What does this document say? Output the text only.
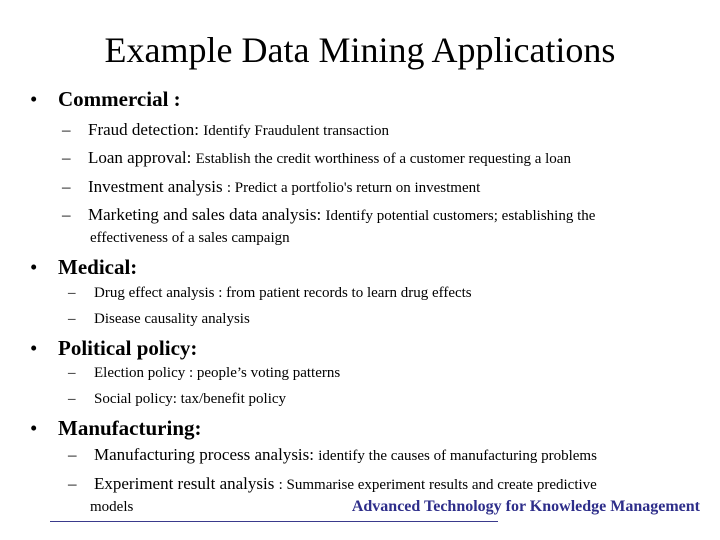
Example Data Mining Applications
• Commercial :
– Fraud detection: Identify Fraudulent transaction
– Loan approval: Establish the credit worthiness of a customer requesting a loan
– Investment analysis : Predict a portfolio's return on investment
– Marketing and sales data analysis: Identify potential customers; establishing the
effectiveness of a sales campaign
• Medical:
– Drug effect analysis : from patient records to learn drug effects
– Disease causality analysis
• Political policy:
– Election policy : people’s voting patterns
– Social policy: tax/benefit policy
• Manufacturing:
– Manufacturing process analysis: identify the causes of manufacturing problems
– Experiment result analysis : Summarise experiment results and create predictive
models	Advanced Technology for Knowledge Management
